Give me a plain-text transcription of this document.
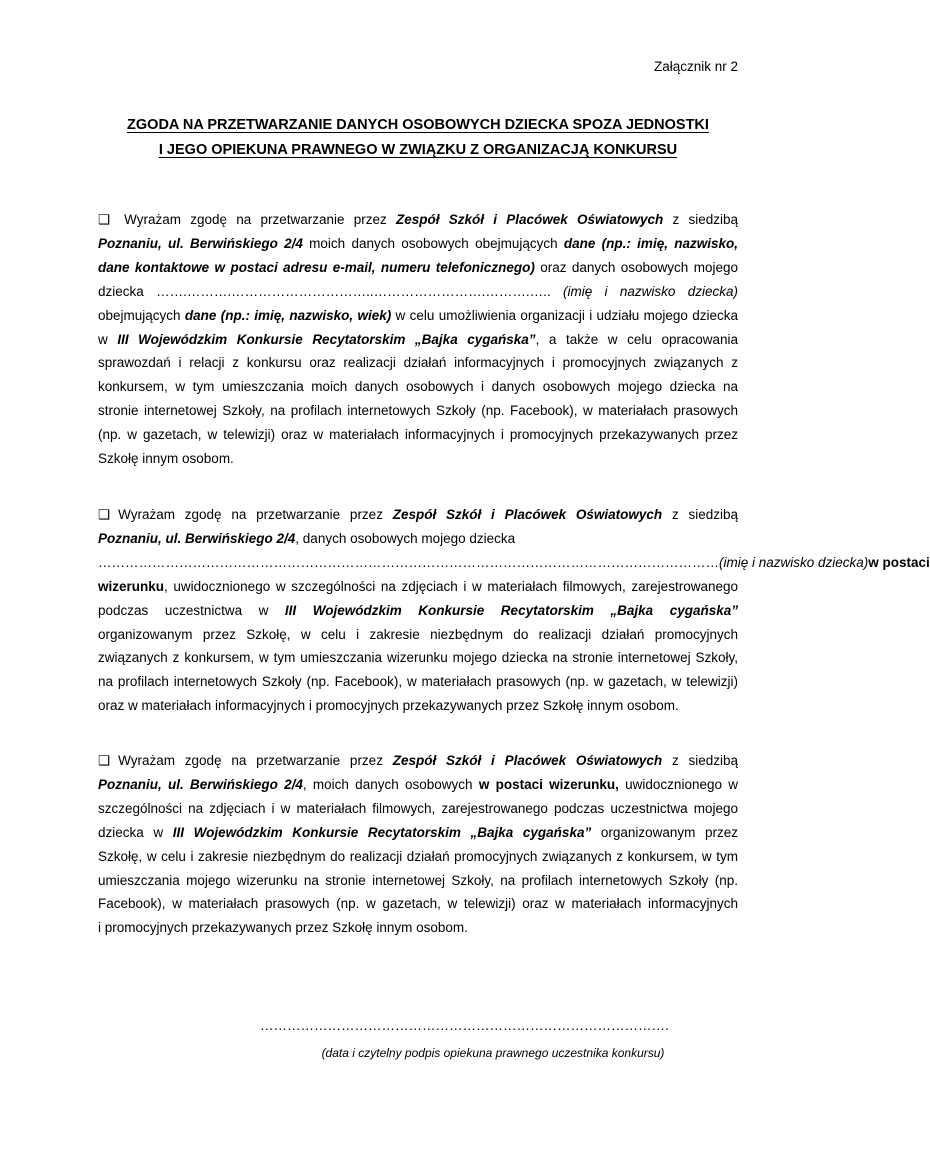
Załącznik nr 2
ZGODA NA PRZETWARZANIE DANYCH OSOBOWYCH DZIECKA SPOZA JEDNOSTKI
I JEGO OPIEKUNA PRAWNEGO W ZWIĄZKU Z ORGANIZACJĄ KONKURSU
❑ Wyrażam zgodę na przetwarzanie przez Zespół Szkół i Placówek Oświatowych z siedzibą
Poznaniu, ul. Berwińskiego 2/4 moich danych osobowych obejmujących dane (np.: imię, nazwisko,
dane kontaktowe w postaci adresu e-mail, numeru telefonicznego) oraz danych osobowych mojego
dziecka …….……….…………………………..…………………….……….….. (imię i nazwisko dziecka)
obejmujących dane (np.: imię, nazwisko, wiek) w celu umożliwienia organizacji i udziału mojego dziecka
w III Wojewódzkim Konkursie Recytatorskim „Bajka cygańska”, a także w celu opracowania
sprawozdań i relacji z konkursu oraz realizacji działań informacyjnych i promocyjnych związanych z
konkursem, w tym umieszczania moich danych osobowych i danych osobowych mojego dziecka na
stronie internetowej Szkoły, na profilach internetowych Szkoły (np. Facebook), w materiałach prasowych
(np. w gazetach, w telewizji) oraz w materiałach informacyjnych i promocyjnych przekazywanych przez
Szkołę innym osobom.
❑ Wyrażam zgodę na przetwarzanie przez Zespół Szkół i Placówek Oświatowych z siedzibą
Poznaniu, ul. Berwińskiego 2/4, danych osobowych mojego dziecka
………………………………………………………………………………………………………………………… (imię i nazwisko dziecka) w postaci
wizerunku, uwidocznionego w szczególności na zdjęciach i w materiałach filmowych, zarejestrowanego
podczas uczestnictwa w III Wojewódzkim Konkursie Recytatorskim „Bajka cygańska”
organizowanym przez Szkołę, w celu i zakresie niezbędnym do realizacji działań promocyjnych
związanych z konkursem, w tym umieszczania wizerunku mojego dziecka na stronie internetowej Szkoły,
na profilach internetowych Szkoły (np. Facebook), w materiałach prasowych (np. w gazetach, w telewizji)
oraz w materiałach informacyjnych i promocyjnych przekazywanych przez Szkołę innym osobom.
❑ Wyrażam zgodę na przetwarzanie przez Zespół Szkół i Placówek Oświatowych z siedzibą
Poznaniu, ul. Berwińskiego 2/4, moich danych osobowych w postaci wizerunku, uwidocznionego w
szczególności na zdjęciach i w materiałach filmowych, zarejestrowanego podczas uczestnictwa mojego
dziecka w III Wojewódzkim Konkursie Recytatorskim „Bajka cygańska” organizowanym przez
Szkołę, w celu i zakresie niezbędnym do realizacji działań promocyjnych związanych z konkursem, w tym
umieszczania mojego wizerunku na stronie internetowej Szkoły, na profilach internetowych Szkoły (np.
Facebook), w materiałach prasowych (np. w gazetach, w telewizji) oraz w materiałach informacyjnych
i promocyjnych przekazywanych przez Szkołę innym osobom.
……………………………………………………………………………….
(data i czytelny podpis opiekuna prawnego uczestnika konkursu)
